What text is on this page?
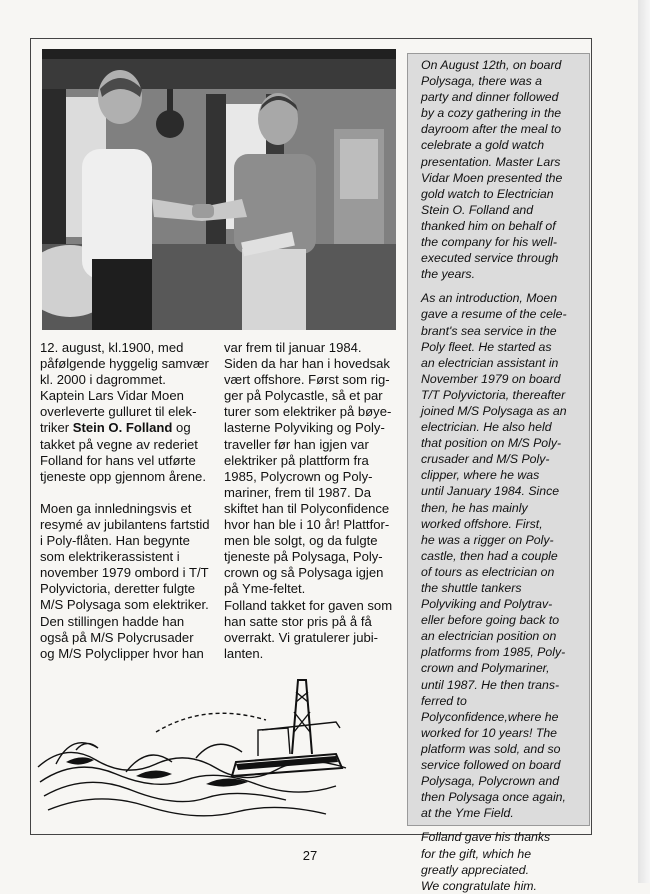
12. august, kl.1900, med
påfølgende hyggelig samvær
kl. 2000 i dagrommet.
Kaptein Lars Vidar Moen
overleverte gulluret til elek-
triker Stein O. Folland og
takket på vegne av rederiet
Folland for hans vel utførte
tjeneste opp gjennom årene.
Moen ga innledningsvis et
resymé av jubilantens fartstid
i Poly-flåten. Han begynte
som elektrikerassistent i
november 1979 ombord i T/T
Polyvictoria, deretter fulgte
M/S Polysaga som elektriker.
Den stillingen hadde han
også på M/S Polycrusader
og M/S Polyclipper hvor han
var frem til januar 1984.
Siden da har han i hovedsak
vært offshore. Først som rig-
ger på Polycastle, så et par
turer som elektriker på bøye-
lasterne Polyviking og Poly-
traveller før han igjen var
elektriker på plattform fra
1985, Polycrown og Poly-
mariner, frem til 1987. Da
skiftet han til Polyconfidence
hvor han ble i 10 år! Plattfor-
men ble solgt, og da fulgte
tjeneste på Polysaga, Poly-
crown og så Polysaga igjen
på Yme-feltet.
Folland takket for gaven som
han satte stor pris på å få
overrakt. Vi gratulerer jubi-
lanten.
On August 12th, on board
Polysaga, there was a
party and dinner followed
by a cozy gathering in the
dayroom after the meal to
celebrate a gold watch
presentation. Master Lars
Vidar Moen presented the
gold watch to Electrician
Stein O. Folland and
thanked him on behalf of
the company for his well-
executed service through
the years.
As an introduction, Moen
gave a resume of the cele-
brant's sea service in the
Poly fleet. He started as
an electrician assistant in
November 1979 on board
T/T Polyvictoria, thereafter
joined M/S Polysaga as an
electrician. He also held
that position on M/S Poly-
crusader and M/S Poly-
clipper, where he was
until January 1984. Since
then, he has mainly
worked offshore. First,
he was a rigger on Poly-
castle, then had a couple
of tours as electrician on
the shuttle tankers
Polyviking and Polytrav-
eller before going back to
an electrician position on
platforms from 1985, Poly-
crown and Polymariner,
until 1987. He then trans-
ferred to
Polyconfidence,where he
worked for 10 years! The
platform was sold, and so
service followed on board
Polysaga, Polycrown and
then Polysaga once again,
at the Yme Field.
Folland gave his thanks
for the gift, which he
greatly appreciated.
We congratulate him.
27
